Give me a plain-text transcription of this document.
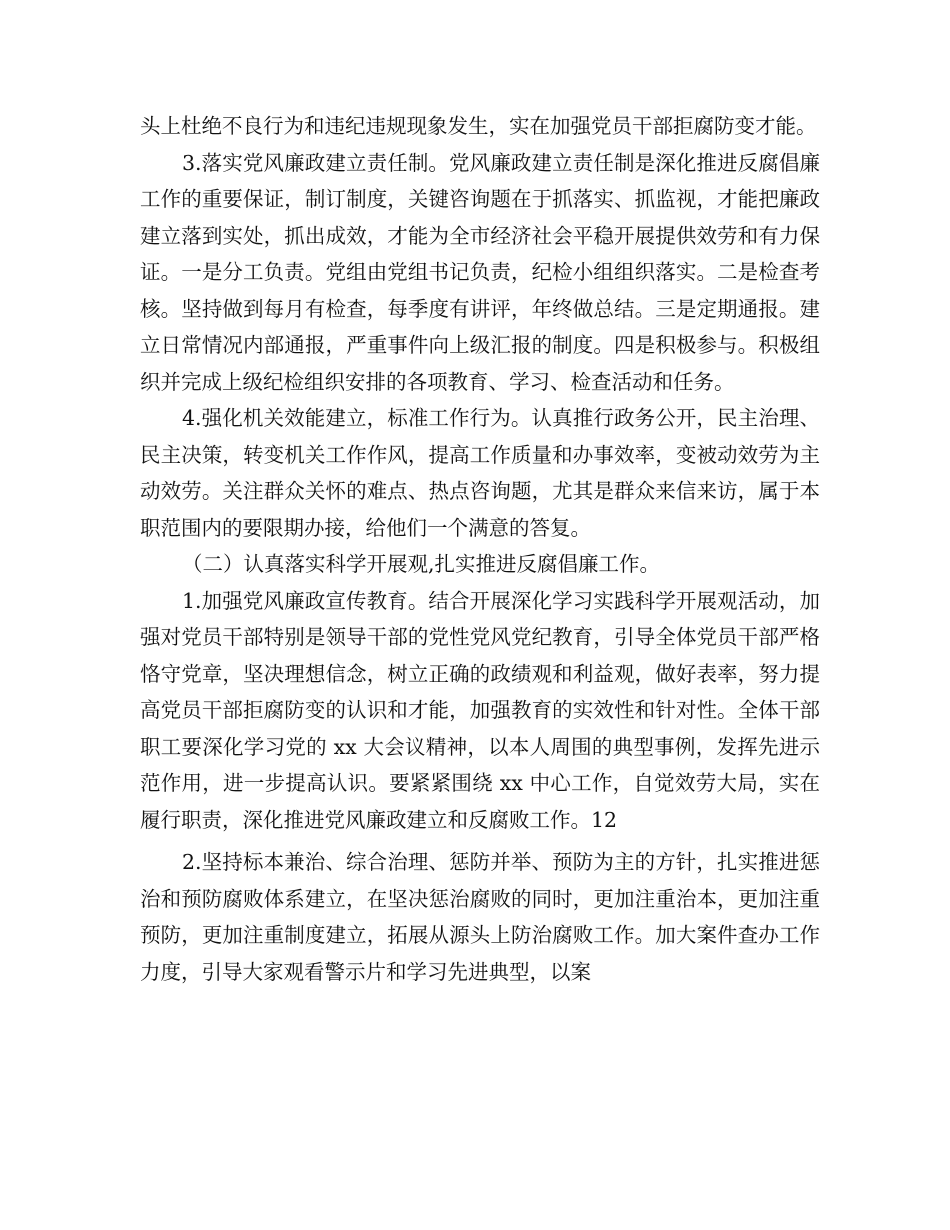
头上杜绝不良行为和违纪违规现象发生，实在加强党员干部拒腐防变才能。

3.落实党风廉政建立责任制。党风廉政建立责任制是深化推进反腐倡廉工作的重要保证，制订制度，关键咨询题在于抓落实、抓监视，才能把廉政建立落到实处，抓出成效，才能为全市经济社会平稳开展提供效劳和有力保证。一是分工负责。党组由党组书记负责，纪检小组组织落实。二是检查考核。坚持做到每月有检查，每季度有讲评，年终做总结。三是定期通报。建立日常情况内部通报，严重事件向上级汇报的制度。四是积极参与。积极组织并完成上级纪检组织安排的各项教育、学习、检查活动和任务。

4.强化机关效能建立，标准工作行为。认真推行政务公开，民主治理、民主决策，转变机关工作作风，提高工作质量和办事效率，变被动效劳为主动效劳。关注群众关怀的难点、热点咨询题，尤其是群众来信来访，属于本职范围内的要限期办接，给他们一个满意的答复。

（二）认真落实科学开展观,扎实推进反腐倡廉工作。

1.加强党风廉政宣传教育。结合开展深化学习实践科学开展观活动，加强对党员干部特别是领导干部的党性党风党纪教育，引导全体党员干部严格恪守党章，坚决理想信念，树立正确的政绩观和利益观，做好表率，努力提高党员干部拒腐防变的认识和才能，加强教育的实效性和针对性。全体干部职工要深化学习党的 xx 大会议精神，以本人周围的典型事例，发挥先进示范作用，进一步提高认识。要紧紧围绕 xx 中心工作，自觉效劳大局，实在履行职责，深化推进党风廉政建立和反腐败工作。12

2.坚持标本兼治、综合治理、惩防并举、预防为主的方针，扎实推进惩治和预防腐败体系建立，在坚决惩治腐败的同时，更加注重治本，更加注重预防，更加注重制度建立，拓展从源头上防治腐败工作。加大案件查办工作力度，引导大家观看警示片和学习先进典型，以案
